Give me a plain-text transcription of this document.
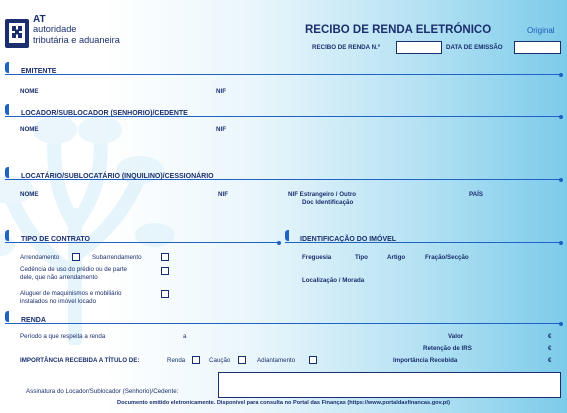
AT
autoridade
tributária e aduaneira
RECIBO DE RENDA ELETRÓNICO	Original
RECIBO DE RENDA N.º	DATA DE EMISSÃO
EMITENTE
NOME	NIF
LOCADOR/SUBLOCADOR (SENHORIO)/CEDENTE
NOME	NIF
LOCATÁRIO/SUBLOCATÁRIO (INQUILINO)/CESSIONÁRIO
NOME	NIF	NIF Estrangeiro / Outro
Doc Identificação
PAÍS
TIPO DE CONTRATO
Arrendamento	Subarrendamento
Cedência de uso do prédio ou de parte
dele, que não arrendamento
Aluguer de maquinismos e mobiliário
instalados no imóvel locado
IDENTIFICAÇÃO DO IMÓVEL
Freguesia	Tipo	Artigo	Fração/Secção
Localização / Morada
RENDA
Período a que respeita a renda	a	Valor	€
Retenção de IRS	€
Importância Recebida	€
IMPORTÂNCIA RECEBIDA A TÍTULO DE:	Renda	Caução	Adiantamento
Assinatura do Locador/Sublocador (Senhorio)/Cedente:
Documento emitido eletronicamente. Disponível para consulta no Portal das Finanças (https://www.portaldasfinancas.gov.pt)
